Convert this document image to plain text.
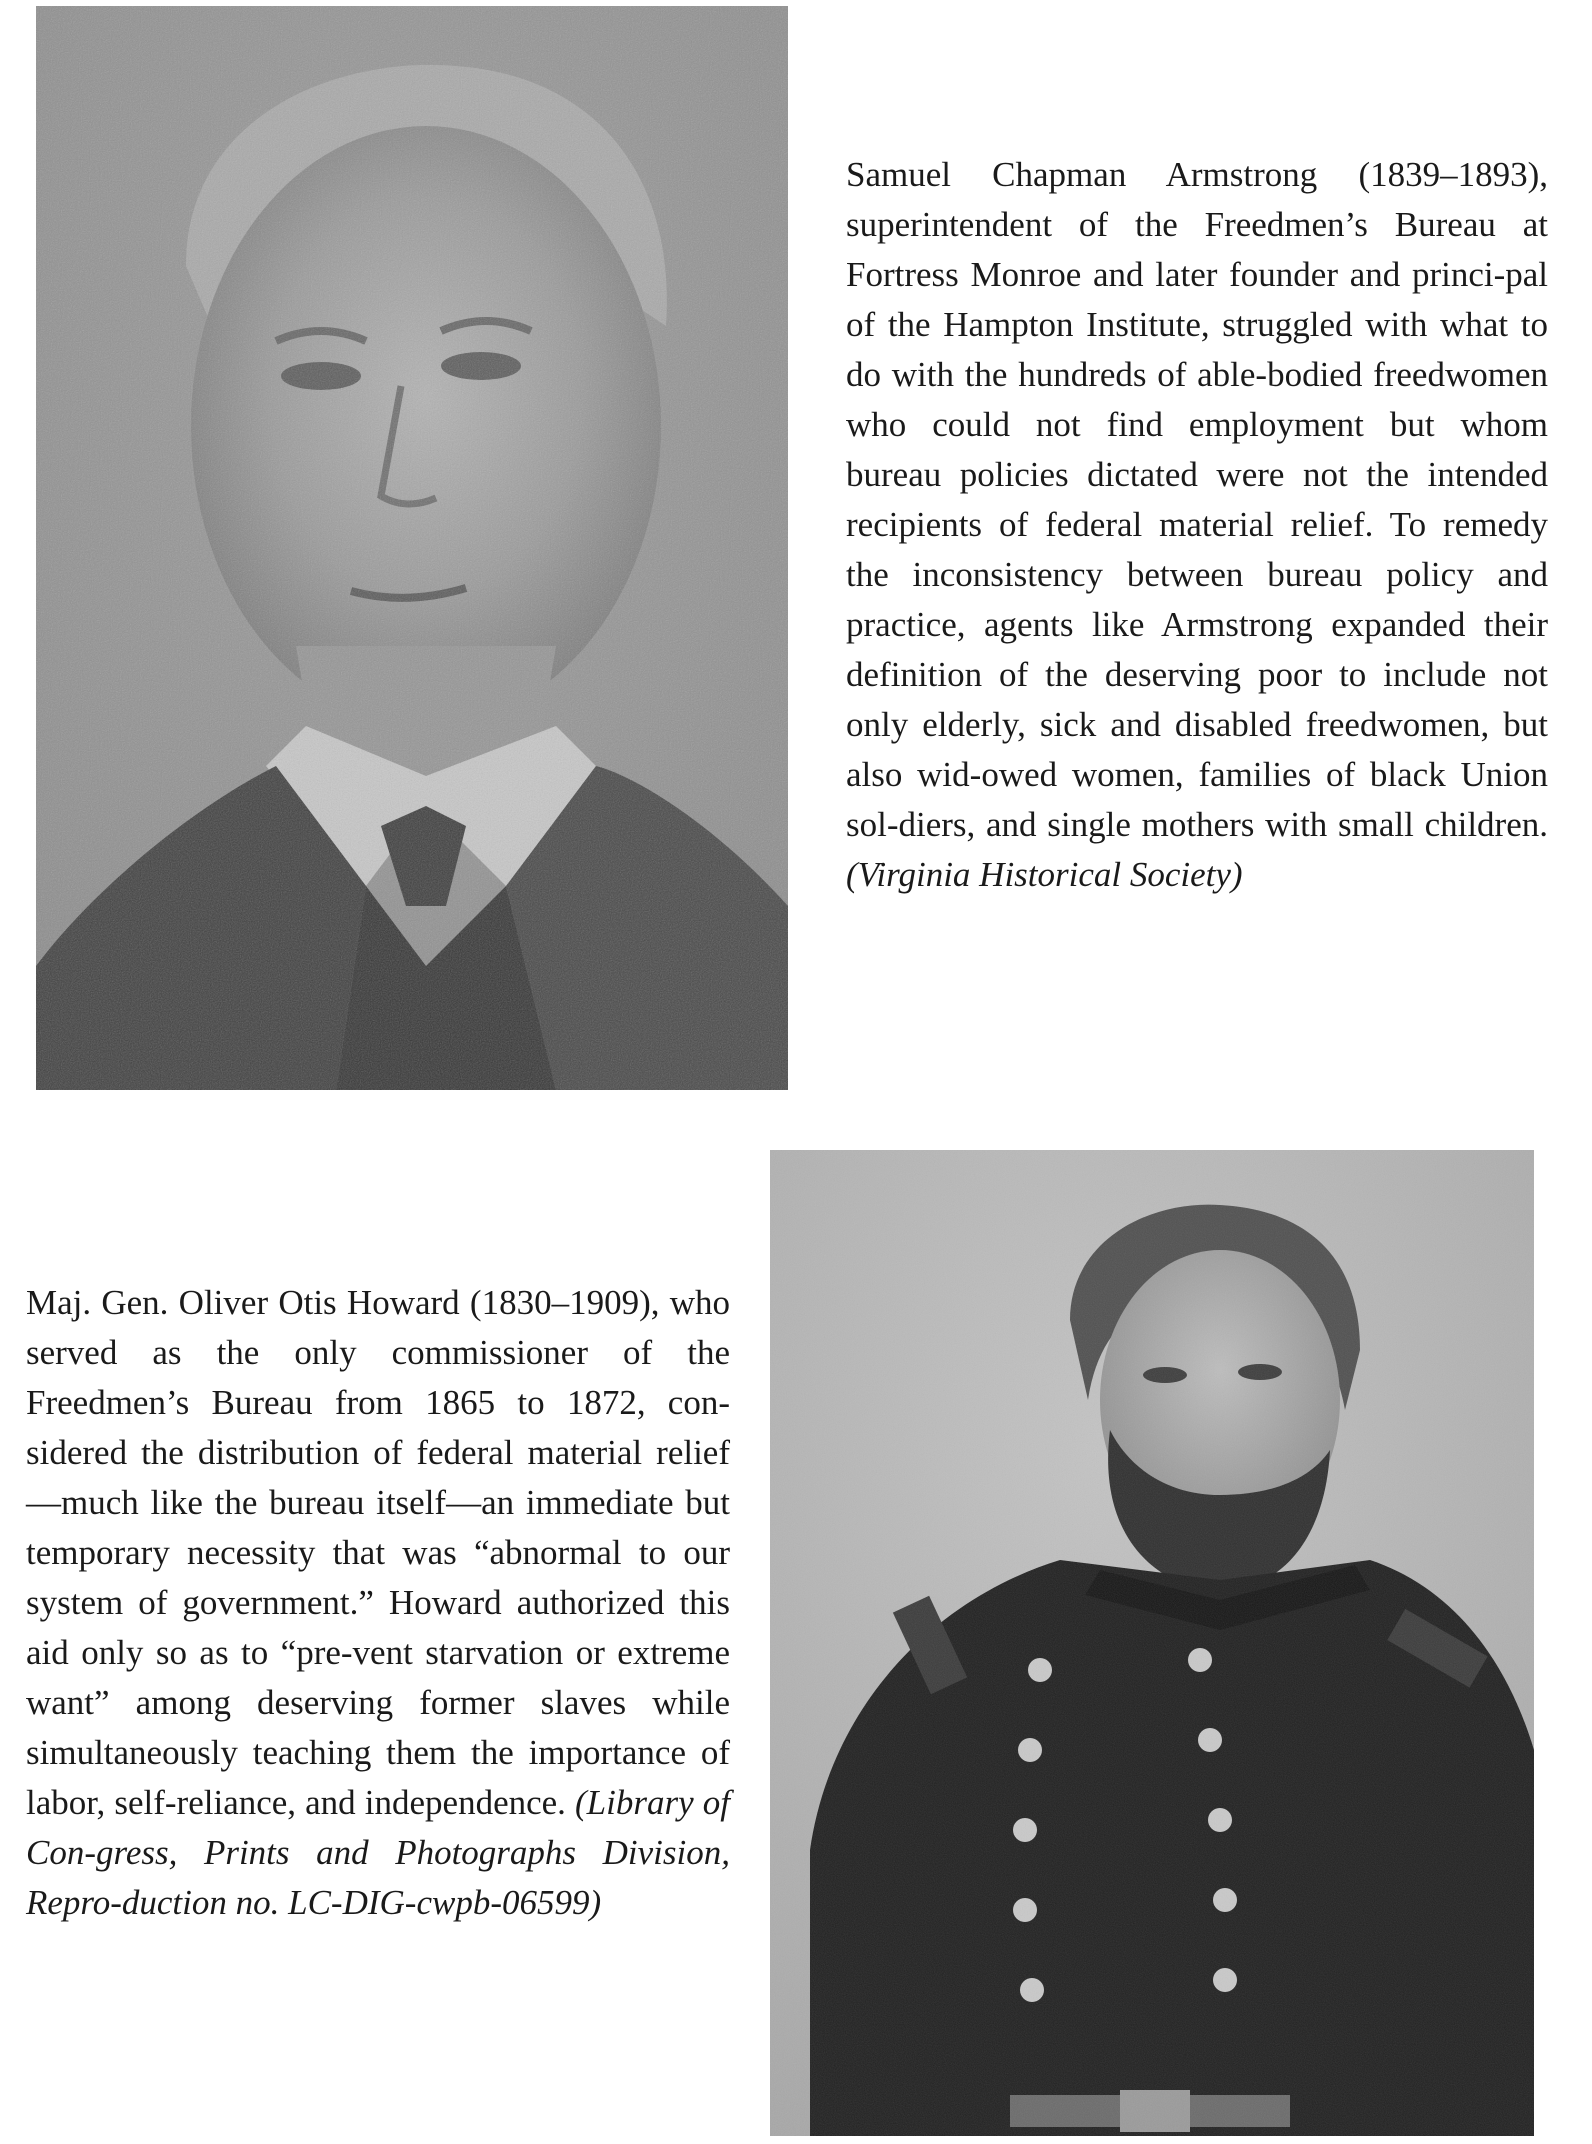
Samuel Chapman Armstrong (1839–1893), superintendent of the Freedmen’s Bureau at Fortress Monroe and later founder and princi-pal of the Hampton Institute, struggled with what to do with the hundreds of able-bodied freedwomen who could not find employment but whom bureau policies dictated were not the intended recipients of federal material relief. To remedy the inconsistency between bureau policy and practice, agents like Armstrong expanded their definition of the deserving poor to include not only elderly, sick and disabled freedwomen, but also wid-owed women, families of black Union sol-diers, and single mothers with small children. (Virginia Historical Society)

Maj. Gen. Oliver Otis Howard (1830–1909), who served as the only commissioner of the Freedmen’s Bureau from 1865 to 1872, con-sidered the distribution of federal material relief—much like the bureau itself—an immediate but temporary necessity that was “abnormal to our system of government.” Howard authorized this aid only so as to “pre-vent starvation or extreme want” among deserving former slaves while simultaneously teaching them the importance of labor, self-reliance, and independence. (Library of Con-gress, Prints and Photographs Division, Repro-duction no. LC-DIG-cwpb-06599)
